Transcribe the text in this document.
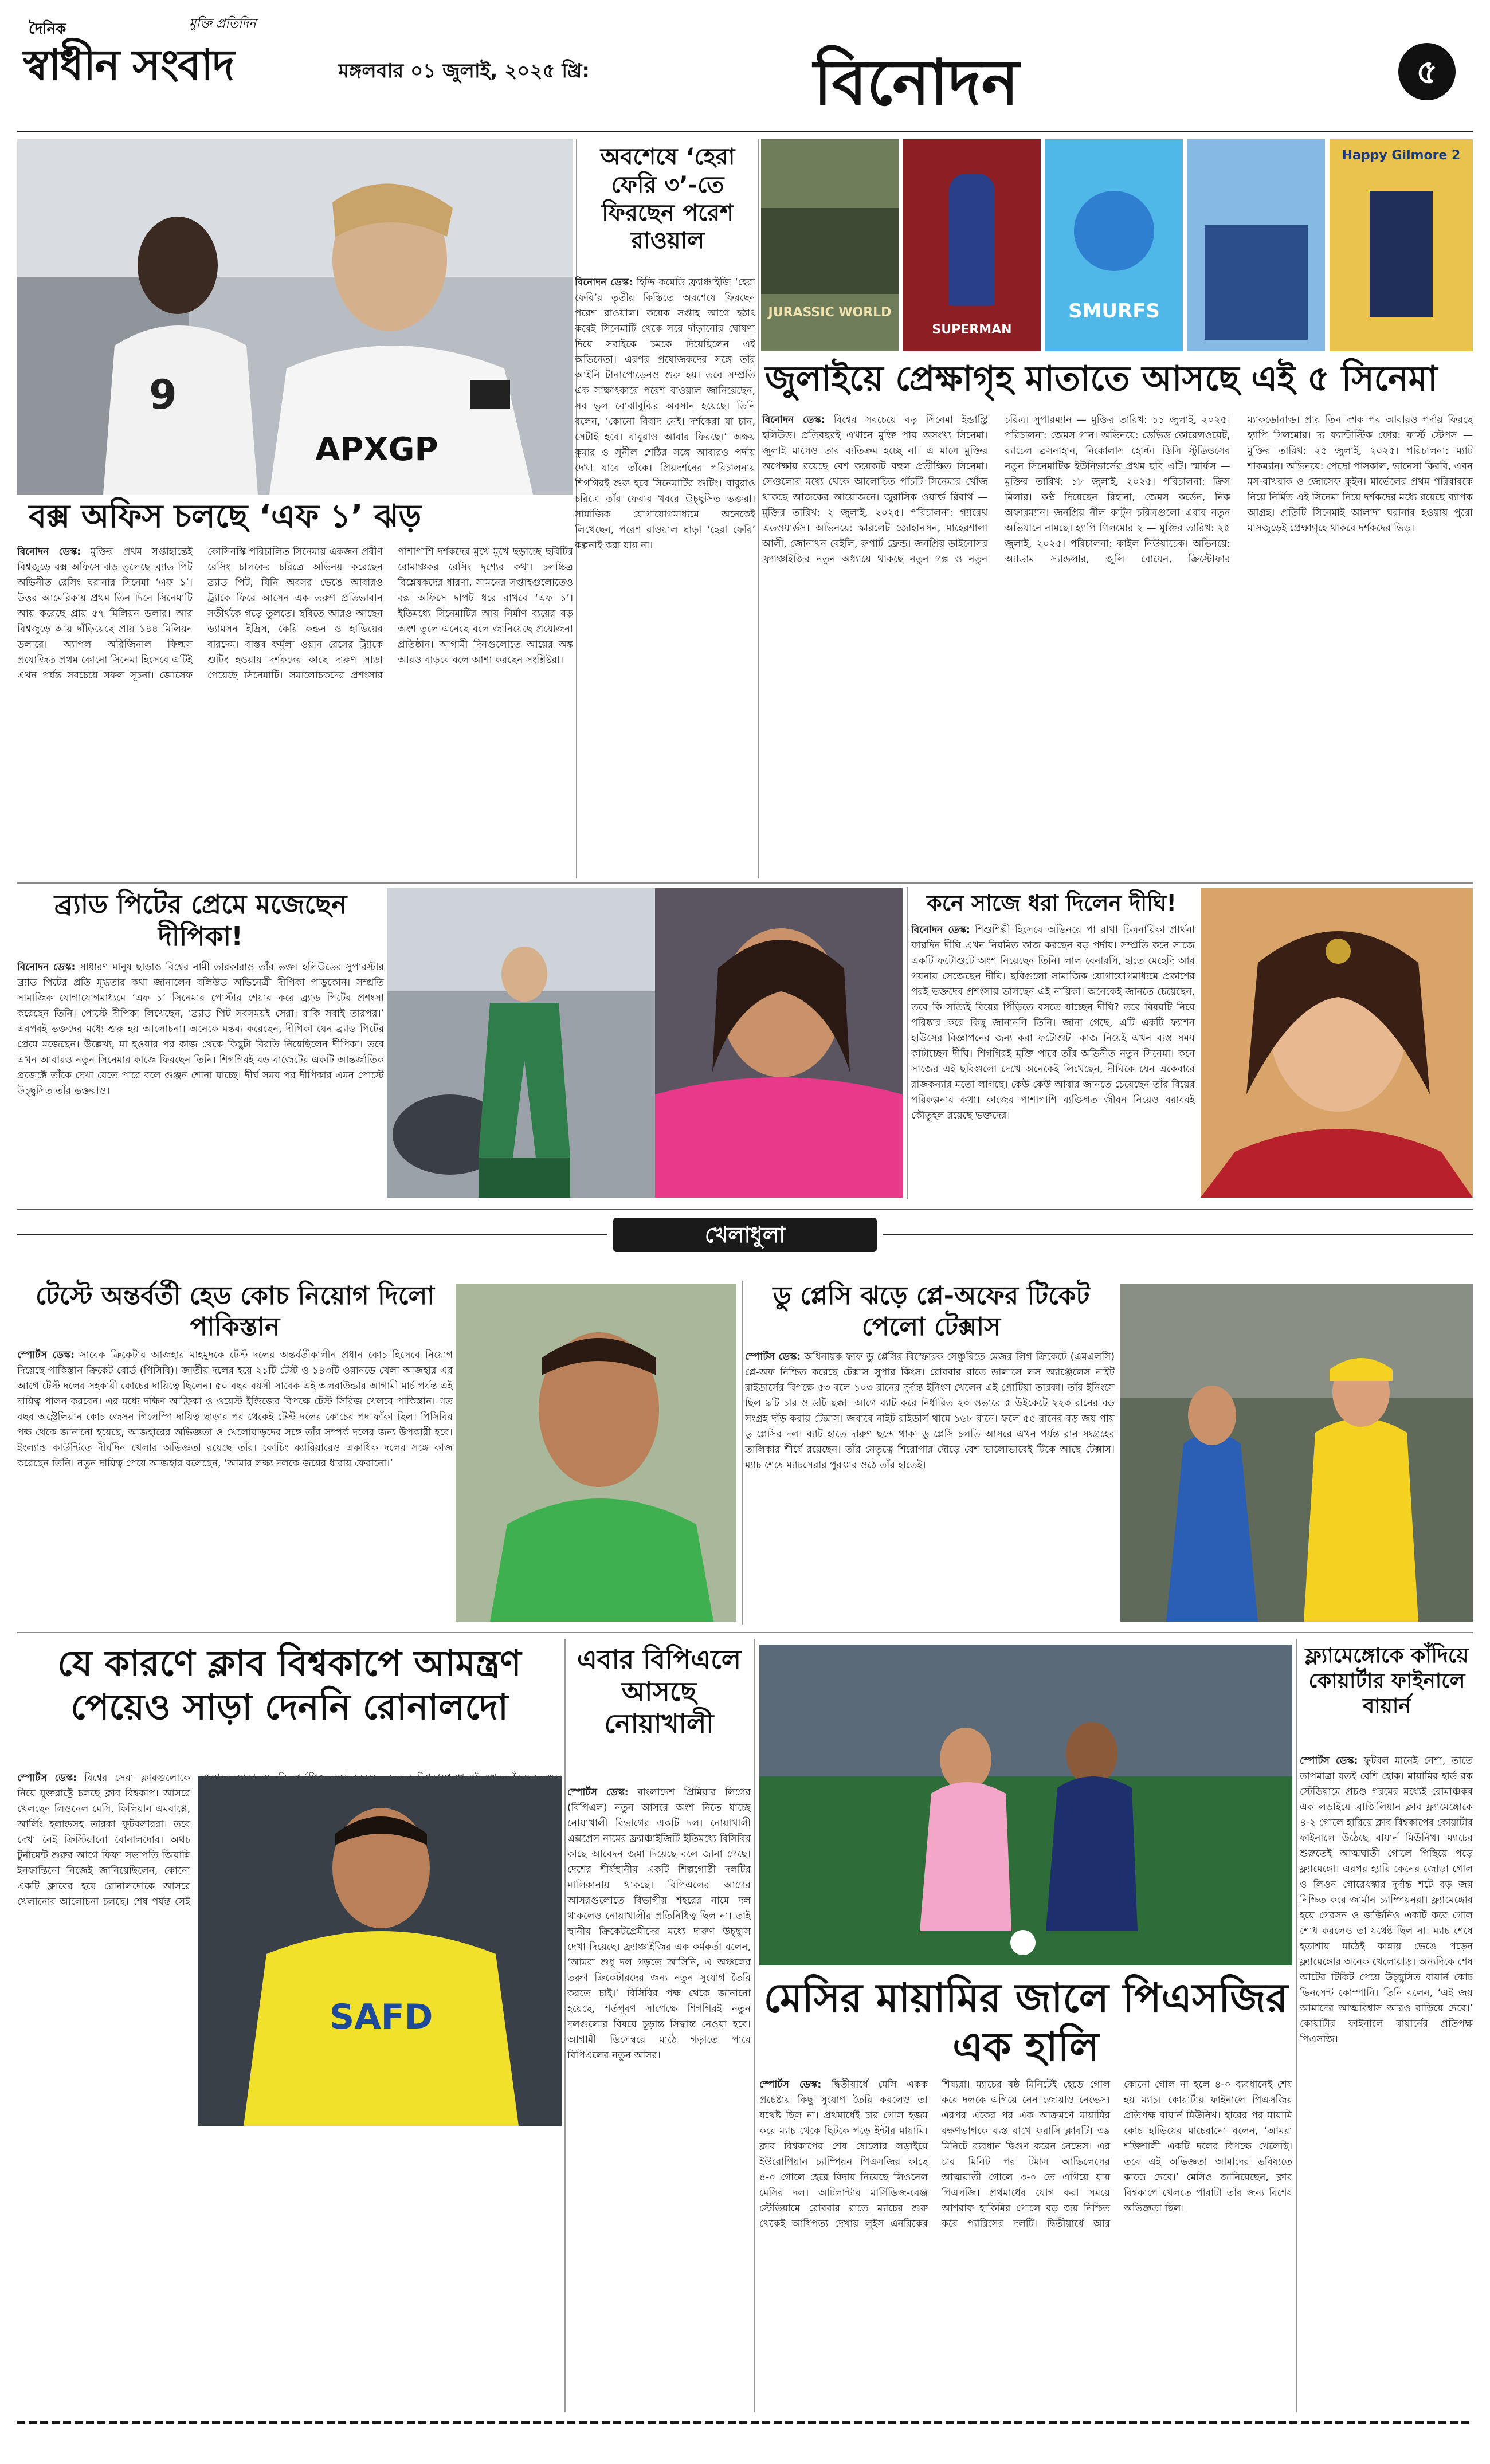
দৈনিক	মুক্তি প্রতিদিন
স্বাধীন সংবাদ	মঙ্গলবার ০১ জুলাই, ২০২৫ খ্রি:	বিনোদন	৫
9
APXGP
বক্স অফিস চলছে ‘এফ ১’ ঝড়
বিনোদন ডেস্ক: মুক্তির প্রথম সপ্তাহান্তেই বিশ্বজুড়ে বক্স অফিসে ঝড় তুলেছে ব্র্যাড পিট অভিনীত রেসিং ঘরানার সিনেমা ‘এফ ১’। উত্তর আমেরিকায় প্রথম তিন দিনে সিনেমাটি আয় করেছে প্রায় ৫৭ মিলিয়ন ডলার। আর বিশ্বজুড়ে আয় দাঁড়িয়েছে প্রায় ১৪৪ মিলিয়ন ডলারে। অ্যাপল অরিজিনাল ফিল্মস প্রযোজিত প্রথম কোনো সিনেমা হিসেবে এটিই এখন পর্যন্ত সবচেয়ে সফল সূচনা। জোসেফ কোসিনস্কি পরিচালিত সিনেমায় একজন প্রবীণ রেসিং চালকের চরিত্রে অভিনয় করেছেন ব্র্যাড পিট, যিনি অবসর ভেঙে আবারও ট্র্যাকে ফিরে আসেন এক তরুণ প্রতিভাবান সতীর্থকে গড়ে তুলতে। ছবিতে আরও আছেন ড্যামসন ইদ্রিস, কেরি কন্ডন ও হাভিয়ের বারদেম। বাস্তব ফর্মুলা ওয়ান রেসের ট্র্যাকে শুটিং হওয়ায় দর্শকদের কাছে দারুণ সাড়া পেয়েছে সিনেমাটি। সমালোচকদের প্রশংসার পাশাপাশি দর্শকদের মুখে মুখে ছড়াচ্ছে ছবিটির রোমাঞ্চকর রেসিং দৃশ্যের কথা। চলচ্চিত্র বিশ্লেষকদের ধারণা, সামনের সপ্তাহগুলোতেও বক্স অফিসে দাপট ধরে রাখবে ‘এফ ১’। ইতিমধ্যে সিনেমাটির আয় নির্মাণ ব্যয়ের বড় অংশ তুলে এনেছে বলে জানিয়েছে প্রযোজনা প্রতিষ্ঠান। আগামী দিনগুলোতে আয়ের অঙ্ক আরও বাড়বে বলে আশা করছেন সংশ্লিষ্টরা।
অবশেষে ‘হেরা ফেরি ৩’-তে ফিরছেন পরেশ রাওয়াল
বিনোদন ডেস্ক: হিন্দি কমেডি ফ্র্যাঞ্চাইজি ‘হেরা ফেরি’র তৃতীয় কিস্তিতে অবশেষে ফিরছেন পরেশ রাওয়াল। কয়েক সপ্তাহ আগে হঠাৎ করেই সিনেমাটি থেকে সরে দাঁড়ানোর ঘোষণা দিয়ে সবাইকে চমকে দিয়েছিলেন এই অভিনেতা। এরপর প্রযোজকদের সঙ্গে তাঁর আইনি টানাপোড়েনও শুরু হয়। তবে সম্প্রতি এক সাক্ষাৎকারে পরেশ রাওয়াল জানিয়েছেন, সব ভুল বোঝাবুঝির অবসান হয়েছে। তিনি বলেন, ‘কোনো বিবাদ নেই। দর্শকেরা যা চান, সেটাই হবে। বাবুরাও আবার ফিরছে।’ অক্ষয় কুমার ও সুনীল শেঠির সঙ্গে আবারও পর্দায় দেখা যাবে তাঁকে। প্রিয়দর্শনের পরিচালনায় শিগগিরই শুরু হবে সিনেমাটির শুটিং। বাবুরাও চরিত্রে তাঁর ফেরার খবরে উচ্ছ্বসিত ভক্তরা। সামাজিক যোগাযোগমাধ্যমে অনেকেই লিখেছেন, পরেশ রাওয়াল ছাড়া ‘হেরা ফেরি’ কল্পনাই করা যায় না।
JURASSIC WORLD
SUPERMAN
SMURFS
Happy Gilmore 2
জুলাইয়ে প্রেক্ষাগৃহ মাতাতে আসছে এই ৫ সিনেমা
বিনোদন ডেস্ক: বিশ্বের সবচেয়ে বড় সিনেমা ইন্ডাস্ট্রি হলিউড। প্রতিবছরই এখানে মুক্তি পায় অসংখ্য সিনেমা। জুলাই মাসেও তার ব্যতিক্রম হচ্ছে না। এ মাসে মুক্তির অপেক্ষায় রয়েছে বেশ কয়েকটি বহুল প্রতীক্ষিত সিনেমা। সেগুলোর মধ্যে থেকে আলোচিত পাঁচটি সিনেমার খোঁজ থাকছে আজকের আয়োজনে। জুরাসিক ওয়ার্ল্ড রিবার্থ — মুক্তির তারিখ: ২ জুলাই, ২০২৫। পরিচালনা: গ্যারেথ এডওয়ার্ডস। অভিনয়ে: স্কারলেট জোহানসন, মাহেরশালা আলী, জোনাথন বেইলি, রুপার্ট ফ্রেন্ড। জনপ্রিয় ডাইনোসর ফ্র্যাঞ্চাইজির নতুন অধ্যায়ে থাকছে নতুন গল্প ও নতুন চরিত্র। সুপারম্যান — মুক্তির তারিখ: ১১ জুলাই, ২০২৫। পরিচালনা: জেমস গান। অভিনয়ে: ডেভিড কোরেন্সওয়েট, র‍্যাচেল ব্রসনাহান, নিকোলাস হোল্ট। ডিসি স্টুডিওসের নতুন সিনেমাটিক ইউনিভার্সের প্রথম ছবি এটি। স্মার্ফস — মুক্তির তারিখ: ১৮ জুলাই, ২০২৫। পরিচালনা: ক্রিস মিলার। কণ্ঠ দিয়েছেন রিহানা, জেমস কর্ডেন, নিক অফারম্যান। জনপ্রিয় নীল কার্টুন চরিত্রগুলো এবার নতুন অভিযানে নামছে। হ্যাপি গিলমোর ২ — মুক্তির তারিখ: ২৫ জুলাই, ২০২৫। পরিচালনা: কাইল নিউয়াচেক। অভিনয়ে: অ্যাডাম স্যান্ডলার, জুলি বোয়েন, ক্রিস্টোফার ম্যাকডোনাল্ড। প্রায় তিন দশক পর আবারও পর্দায় ফিরছে হ্যাপি গিলমোর। দ্য ফ্যান্টাস্টিক ফোর: ফার্স্ট স্টেপস — মুক্তির তারিখ: ২৫ জুলাই, ২০২৫। পরিচালনা: ম্যাট শাকম্যান। অভিনয়ে: পেদ্রো পাসকাল, ভানেসা কিরবি, এবন মস-বাখরাক ও জোসেফ কুইন। মার্ভেলের প্রথম পরিবারকে নিয়ে নির্মিত এই সিনেমা নিয়ে দর্শকদের মধ্যে রয়েছে ব্যাপক আগ্রহ। প্রতিটি সিনেমাই আলাদা ঘরানার হওয়ায় পুরো মাসজুড়েই প্রেক্ষাগৃহে থাকবে দর্শকদের ভিড়।
ব্র্যাড পিটের প্রেমে মজেছেন দীপিকা!
বিনোদন ডেস্ক: সাধারণ মানুষ ছাড়াও বিশ্বের নামী তারকারাও তাঁর ভক্ত। হলিউডের সুপারস্টার ব্র্যাড পিটের প্রতি মুগ্ধতার কথা জানালেন বলিউড অভিনেত্রী দীপিকা পাড়ুকোন। সম্প্রতি সামাজিক যোগাযোগমাধ্যমে ‘এফ ১’ সিনেমার পোস্টার শেয়ার করে ব্র্যাড পিটের প্রশংসা করেছেন তিনি। পোস্টে দীপিকা লিখেছেন, ‘ব্র্যাড পিট সবসময়ই সেরা। বাকি সবাই তারপর।’ এরপরই ভক্তদের মধ্যে শুরু হয় আলোচনা। অনেকে মন্তব্য করেছেন, দীপিকা যেন ব্র্যাড পিটের প্রেমে মজেছেন। উল্লেখ্য, মা হওয়ার পর কাজ থেকে কিছুটা বিরতি নিয়েছিলেন দীপিকা। তবে এখন আবারও নতুন সিনেমার কাজে ফিরছেন তিনি। শিগগিরই বড় বাজেটের একটি আন্তর্জাতিক প্রজেক্টে তাঁকে দেখা যেতে পারে বলে গুঞ্জন শোনা যাচ্ছে। দীর্ঘ সময় পর দীপিকার এমন পোস্টে উচ্ছ্বসিত তাঁর ভক্তরাও।
কনে সাজে ধরা দিলেন দীঘি!
বিনোদন ডেস্ক: শিশুশিল্পী হিসেবে অভিনয়ে পা রাখা চিত্রনায়িকা প্রার্থনা ফারদিন দীঘি এখন নিয়মিত কাজ করছেন বড় পর্দায়। সম্প্রতি কনে সাজে একটি ফটোশুটে অংশ নিয়েছেন তিনি। লাল বেনারসি, হাতে মেহেদি আর গয়নায় সেজেছেন দীঘি। ছবিগুলো সামাজিক যোগাযোগমাধ্যমে প্রকাশের পরই ভক্তদের প্রশংসায় ভাসছেন এই নায়িকা। অনেকেই জানতে চেয়েছেন, তবে কি সত্যিই বিয়ের পিঁড়িতে বসতে যাচ্ছেন দীঘি? তবে বিষয়টি নিয়ে পরিষ্কার করে কিছু জানাননি তিনি। জানা গেছে, এটি একটি ফ্যাশন হাউসের বিজ্ঞাপনের জন্য করা ফটোশুট। কাজ নিয়েই এখন ব্যস্ত সময় কাটাচ্ছেন দীঘি। শিগগিরই মুক্তি পাবে তাঁর অভিনীত নতুন সিনেমা। কনে সাজের এই ছবিগুলো দেখে অনেকেই লিখেছেন, দীঘিকে যেন একেবারে রাজকন্যার মতো লাগছে। কেউ কেউ আবার জানতে চেয়েছেন তাঁর বিয়ের পরিকল্পনার কথা। কাজের পাশাপাশি ব্যক্তিগত জীবন নিয়েও বরাবরই কৌতূহল রয়েছে ভক্তদের।
খেলাধুলা
টেস্টে অন্তর্বর্তী হেড কোচ নিয়োগ দিলো পাকিস্তান
স্পোর্টস ডেস্ক: সাবেক ক্রিকেটার আজহার মাহমুদকে টেস্ট দলের অন্তর্বর্তীকালীন প্রধান কোচ হিসেবে নিয়োগ দিয়েছে পাকিস্তান ক্রিকেট বোর্ড (পিসিবি)। জাতীয় দলের হয়ে ২১টি টেস্ট ও ১৪৩টি ওয়ানডে খেলা আজহার এর আগে টেস্ট দলের সহকারী কোচের দায়িত্বে ছিলেন। ৫০ বছর বয়সী সাবেক এই অলরাউন্ডার আগামী মার্চ পর্যন্ত এই দায়িত্ব পালন করবেন। এর মধ্যে দক্ষিণ আফ্রিকা ও ওয়েস্ট ইন্ডিজের বিপক্ষে টেস্ট সিরিজ খেলবে পাকিস্তান। গত বছর অস্ট্রেলিয়ান কোচ জেসন গিলেস্পি দায়িত্ব ছাড়ার পর থেকেই টেস্ট দলের কোচের পদ ফাঁকা ছিল। পিসিবির পক্ষ থেকে জানানো হয়েছে, আজহারের অভিজ্ঞতা ও খেলোয়াড়দের সঙ্গে তাঁর সম্পর্ক দলের জন্য উপকারী হবে। ইংল্যান্ড কাউন্টিতে দীর্ঘদিন খেলার অভিজ্ঞতা রয়েছে তাঁর। কোচিং ক্যারিয়ারেও একাধিক দলের সঙ্গে কাজ করেছেন তিনি। নতুন দায়িত্ব পেয়ে আজহার বলেছেন, ‘আমার লক্ষ্য দলকে জয়ের ধারায় ফেরানো।’
ডু প্লেসি ঝড়ে প্লে-অফের টিকেট পেলো টেক্সাস
স্পোর্টস ডেস্ক: অধিনায়ক ফাফ ডু প্লেসির বিস্ফোরক সেঞ্চুরিতে মেজর লিগ ক্রিকেটে (এমএলসি) প্লে-অফ নিশ্চিত করেছে টেক্সাস সুপার কিংস। রোববার রাতে ডালাসে লস অ্যাঞ্জেলেস নাইট রাইডার্সের বিপক্ষে ৫৩ বলে ১০৩ রানের দুর্দান্ত ইনিংস খেলেন এই প্রোটিয়া তারকা। তাঁর ইনিংসে ছিল ৯টি চার ও ৬টি ছক্কা। আগে ব্যাট করে নির্ধারিত ২০ ওভারে ৫ উইকেটে ২২৩ রানের বড় সংগ্রহ দাঁড় করায় টেক্সাস। জবাবে নাইট রাইডার্স থামে ১৬৮ রানে। ফলে ৫৫ রানের বড় জয় পায় ডু প্লেসির দল। ব্যাট হাতে দারুণ ছন্দে থাকা ডু প্লেসি চলতি আসরে এখন পর্যন্ত রান সংগ্রহের তালিকার শীর্ষে রয়েছেন। তাঁর নেতৃত্বে শিরোপার দৌড়ে বেশ ভালোভাবেই টিকে আছে টেক্সাস। ম্যাচ শেষে ম্যাচসেরার পুরস্কার ওঠে তাঁর হাতেই।
যে কারণে ক্লাব বিশ্বকাপে আমন্ত্রণ পেয়েও সাড়া দেননি রোনালদো
স্পোর্টস ডেস্ক: বিশ্বের সেরা ক্লাবগুলোকে নিয়ে যুক্তরাষ্ট্রে চলছে ক্লাব বিশ্বকাপ। আসরে খেলছেন লিওনেল মেসি, কিলিয়ান এমবাপ্পে, আর্লিং হলান্ডসহ তারকা ফুটবলাররা। তবে দেখা নেই ক্রিস্টিয়ানো রোনালদোর। অথচ টুর্নামেন্ট শুরুর আগে ফিফা সভাপতি জিয়ান্নি ইনফান্তিনো নিজেই জানিয়েছিলেন, কোনো একটি ক্লাবের হয়ে রোনালদোকে আসরে খেলানোর আলোচনা চলছে। শেষ পর্যন্ত সেই
SAFD
এবার বিপিএলে আসছে নোয়াখালী
স্পোর্টস ডেস্ক: বাংলাদেশ প্রিমিয়ার লিগের (বিপিএল) নতুন আসরে অংশ নিতে যাচ্ছে নোয়াখালী বিভাগের একটি দল। নোয়াখালী এক্সপ্রেস নামের ফ্র্যাঞ্চাইজিটি ইতিমধ্যে বিসিবির কাছে আবেদন জমা দিয়েছে বলে জানা গেছে। দেশের শীর্ষস্থানীয় একটি শিল্পগোষ্ঠী দলটির মালিকানায় থাকছে। বিপিএলের আগের আসরগুলোতে বিভাগীয় শহরের নামে দল থাকলেও নোয়াখালীর প্রতিনিধিত্ব ছিল না। তাই স্থানীয় ক্রিকেটপ্রেমীদের মধ্যে দারুণ উচ্ছ্বাস দেখা দিয়েছে। ফ্র্যাঞ্চাইজির এক কর্মকর্তা বলেন, ‘আমরা শুধু দল গড়তে আসিনি, এ অঞ্চলের তরুণ ক্রিকেটারদের জন্য নতুন সুযোগ তৈরি করতে চাই।’ বিসিবির পক্ষ থেকে জানানো হয়েছে, শর্তপূরণ সাপেক্ষে শিগগিরই নতুন দলগুলোর বিষয়ে চূড়ান্ত সিদ্ধান্ত নেওয়া হবে। আগামী ডিসেম্বরে মাঠে গড়াতে পারে বিপিএলের নতুন আসর।
মেসির মায়ামির জালে পিএসজির এক হালি
স্পোর্টস ডেস্ক: দ্বিতীয়ার্ধে মেসি একক প্রচেষ্টায় কিছু সুযোগ তৈরি করলেও তা যথেষ্ট ছিল না। প্রথমার্ধেই চার গোল হজম করে ম্যাচ থেকে ছিটকে পড়ে ইন্টার মায়ামি। ক্লাব বিশ্বকাপের শেষ ষোলোর লড়াইয়ে ইউরোপিয়ান চ্যাম্পিয়ন পিএসজির কাছে ৪-০ গোলে হেরে বিদায় নিয়েছে লিওনেল মেসির দল। আটলান্টার মার্সিডিজ-বেঞ্জ স্টেডিয়ামে রোববার রাতে ম্যাচের শুরু থেকেই আধিপত্য দেখায় লুইস এনরিকের শিষ্যরা। ম্যাচের ষষ্ঠ মিনিটেই হেডে গোল করে দলকে এগিয়ে নেন জোয়াও নেভেস। এরপর একের পর এক আক্রমণে মায়ামির রক্ষণভাগকে ব্যস্ত রাখে ফরাসি ক্লাবটি। ৩৯ মিনিটে ব্যবধান দ্বিগুণ করেন নেভেস। এর চার মিনিট পর টমাস আভিলেসের আত্মঘাতী গোলে ৩-০ তে এগিয়ে যায় পিএসজি। প্রথমার্ধের যোগ করা সময়ে আশরাফ হাকিমির গোলে বড় জয় নিশ্চিত করে প্যারিসের দলটি। দ্বিতীয়ার্ধে আর কোনো গোল না হলে ৪-০ ব্যবধানেই শেষ হয় ম্যাচ। কোয়ার্টার ফাইনালে পিএসজির প্রতিপক্ষ বায়ার্ন মিউনিখ। হারের পর মায়ামি কোচ হাভিয়ের মাচেরানো বলেন, ‘আমরা শক্তিশালী একটি দলের বিপক্ষে খেলেছি। তবে এই অভিজ্ঞতা আমাদের ভবিষ্যতে কাজে দেবে।’ মেসিও জানিয়েছেন, ক্লাব বিশ্বকাপে খেলতে পারাটা তাঁর জন্য বিশেষ অভিজ্ঞতা ছিল।
ফ্ল্যামেঙ্গোকে কাঁদিয়ে কোয়ার্টার ফাইনালে বায়ার্ন
স্পোর্টস ডেস্ক: ফুটবল মানেই নেশা, তাতে তাপমাত্রা যতই বেশি হোক। মায়ামির হার্ড রক স্টেডিয়ামে প্রচণ্ড গরমের মধ্যেই রোমাঞ্চকর এক লড়াইয়ে ব্রাজিলিয়ান ক্লাব ফ্ল্যামেঙ্গোকে ৪-২ গোলে হারিয়ে ক্লাব বিশ্বকাপের কোয়ার্টার ফাইনালে উঠেছে বায়ার্ন মিউনিখ। ম্যাচের শুরুতেই আত্মঘাতী গোলে পিছিয়ে পড়ে ফ্ল্যামেঙ্গো। এরপর হ্যারি কেনের জোড়া গোল ও লিওন গোরেৎস্কার দুর্দান্ত শটে বড় জয় নিশ্চিত করে জার্মান চ্যাম্পিয়নরা। ফ্ল্যামেঙ্গোর হয়ে গেরসন ও জর্জিনিও একটি করে গোল শোধ করলেও তা যথেষ্ট ছিল না। ম্যাচ শেষে হতাশায় মাঠেই কান্নায় ভেঙে পড়েন ফ্ল্যামেঙ্গোর অনেক খেলোয়াড়। অন্যদিকে শেষ আটের টিকিট পেয়ে উচ্ছ্বসিত বায়ার্ন কোচ ভিনসেন্ট কোম্পানি। তিনি বলেন, ‘এই জয় আমাদের আত্মবিশ্বাস আরও বাড়িয়ে দেবে।’ কোয়ার্টার ফাইনালে বায়ার্নের প্রতিপক্ষ পিএসজি।
